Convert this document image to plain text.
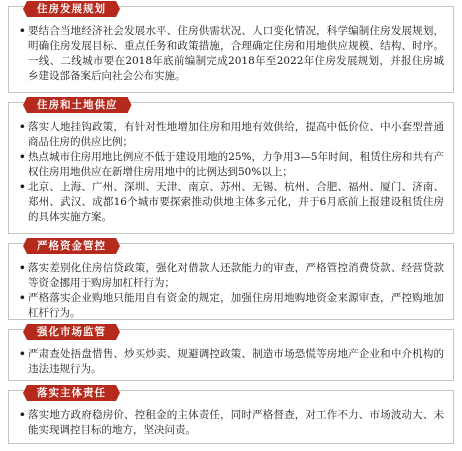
住房发展规划
• 要结合当地经济社会发展水平、住房供需状况、人口变化情况，科学编制住房发展规划，明确住房发展目标、重点任务和政策措施，合理确定住房和用地供应规模、结构、时序。一线、二线城市要在2018年底前编制完成2018年至2022年住房发展规划，并报住房城乡建设部备案后向社会公布实施。
住房和土地供应
• 落实人地挂钩政策，有针对性地增加住房和用地有效供给，提高中低价位、中小套型普通商品住房的供应比例；
• 热点城市住房用地比例应不低于建设用地的25%，力争用3—5年时间，租赁住房和共有产权住房用地供应在新增住房用地中的比例达到50%以上；
• 北京、上海、广州、深圳、天津、南京、苏州、无锡、杭州、合肥、福州、厦门、济南、郑州、武汉、成都16个城市要探索推动供地主体多元化，并于6月底前上报建设租赁住房的具体实施方案。
严格资金管控
• 落实差别化住房信贷政策，强化对借款人还款能力的审查，严格管控消费贷款、经营贷款等资金挪用于购房加杠杆行为；
• 严格落实企业购地只能用自有资金的规定，加强住房用地购地资金来源审查，严控购地加杠杆行为。
强化市场监管
• 严肃查处捂盘惜售、炒买炒卖、规避调控政策、制造市场恐慌等房地产企业和中介机构的违法违规行为。
落实主体责任
• 落实地方政府稳房价、控租金的主体责任，同时严格督查，对工作不力、市场波动大、未能实现调控目标的地方，坚决问责。
